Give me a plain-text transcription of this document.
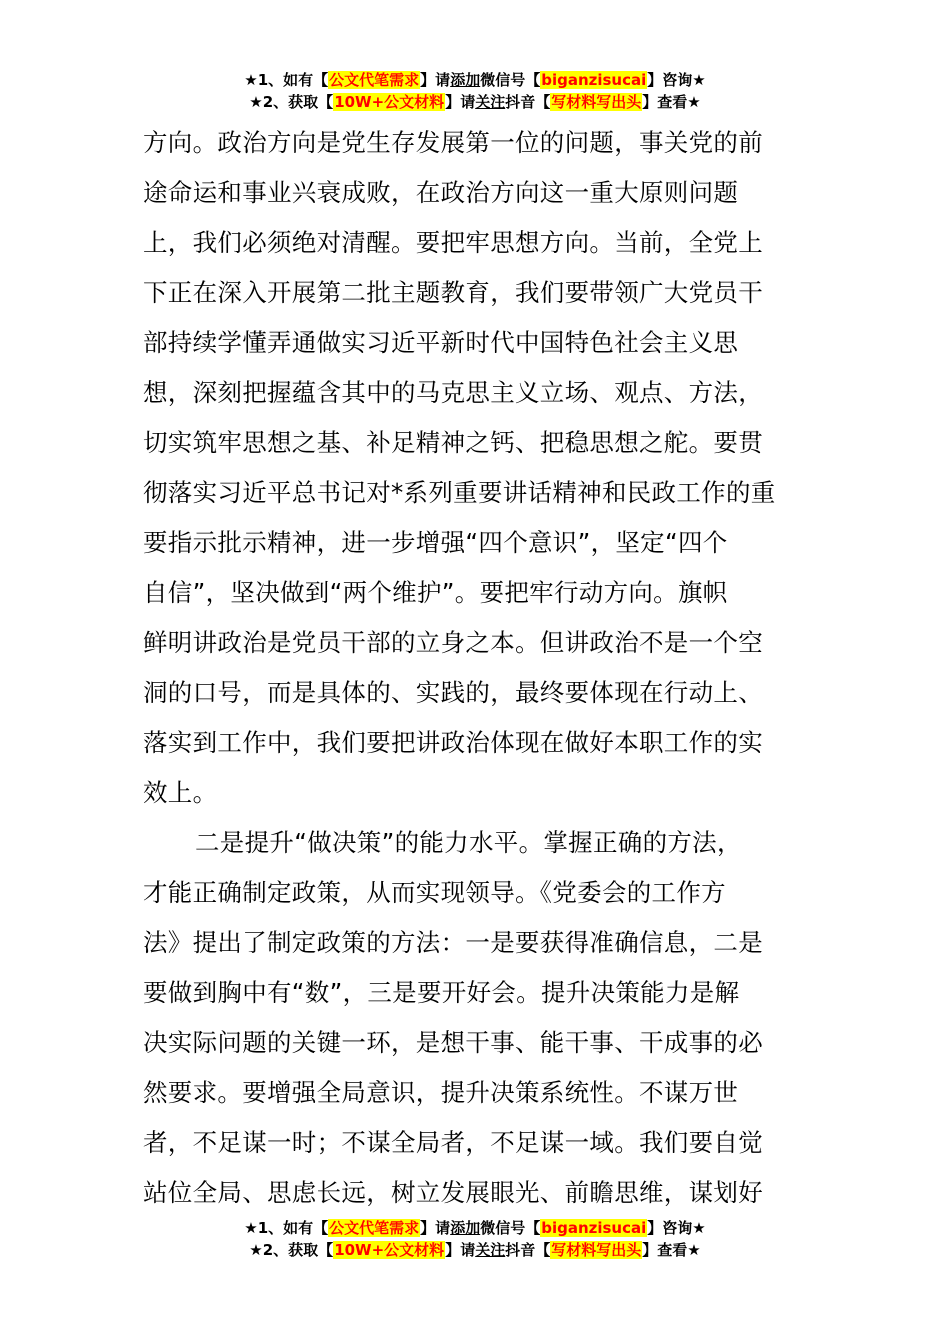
★1、如有【公文代笔需求】请添加微信号【biganzisucai】咨询★
★2、获取【10W+公文材料】请关注抖音【写材料写出头】查看★
方向。政治方向是党生存发展第一位的问题，事关党的前
途命运和事业兴衰成败，在政治方向这一重大原则问题
上，我们必须绝对清醒。要把牢思想方向。当前，全党上
下正在深入开展第二批主题教育，我们要带领广大党员干
部持续学懂弄通做实习近平新时代中国特色社会主义思
想，深刻把握蕴含其中的马克思主义立场、观点、方法，
切实筑牢思想之基、补足精神之钙、把稳思想之舵。要贯
彻落实习近平总书记对*系列重要讲话精神和民政工作的重
要指示批示精神，进一步增强“四个意识”，坚定“四个
自信”，坚决做到“两个维护”。要把牢行动方向。旗帜
鲜明讲政治是党员干部的立身之本。但讲政治不是一个空
洞的口号，而是具体的、实践的，最终要体现在行动上、
落实到工作中，我们要把讲政治体现在做好本职工作的实
效上。
二是提升“做决策”的能力水平。掌握正确的方法，
才能正确制定政策，从而实现领导。《党委会的工作方
法》提出了制定政策的方法：一是要获得准确信息，二是
要做到胸中有“数”，三是要开好会。提升决策能力是解
决实际问题的关键一环，是想干事、能干事、干成事的必
然要求。要增强全局意识，提升决策系统性。不谋万世
者，不足谋一时；不谋全局者，不足谋一域。我们要自觉
站位全局、思虑长远，树立发展眼光、前瞻思维，谋划好
★1、如有【公文代笔需求】请添加微信号【biganzisucai】咨询★
★2、获取【10W+公文材料】请关注抖音【写材料写出头】查看★
